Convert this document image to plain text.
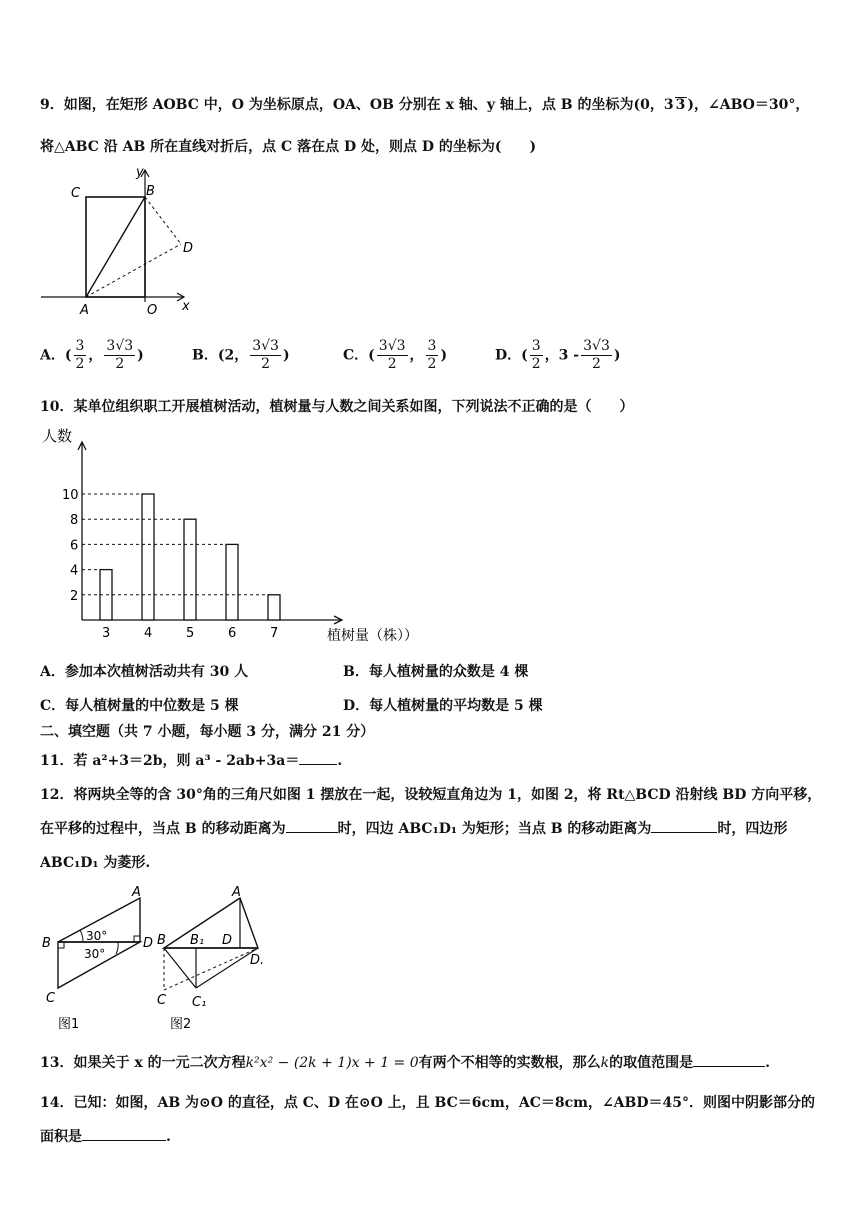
9．如图，在矩形 AOBC 中，O 为坐标原点，OA、OB 分别在 x 轴、y 轴上，点 B 的坐标为(0，3 3 )，∠ABO＝30°，
将△ABC 沿 AB 所在直线对折后，点 C 落在点 D 处，则点 D 的坐标为(　　)
y
x
C	B
D
A	O
A．( $\frac{3}{2}$ ， $\frac{3√3}{2}$ )	B．(2， $\frac{3√3}{2}$ )	C．( $\frac{3√3}{2}$ ， $\frac{3}{2}$ )	D．( $\frac{3}{2}$ ，$3 - \frac{3√3}{2}$ )
10．某单位组织职工开展植树活动，植树量与人数之间关系如图，下列说法不正确的是（　　）
2
4
6
8
10
3	4	5	6	7
人数
植树量（株））
A．参加本次植树活动共有 30 人	B．每人植树量的众数是 4 棵
C．每人植树量的中位数是 5 棵	D．每人植树量的平均数是 5 棵
二、填空题（共 7 小题，每小题 3 分，满分 21 分）
11．若 a²+3＝2b，则 a³ - 2ab+3a＝	.
12．将两块全等的含 30°角的三角尺如图 1 摆放在一起，设较短直角边为 1，如图 2，将 Rt△BCD 沿射线 BD 方向平移，
在平移的过程中，当点 B 的移动距离为	时，四边 ABC₁D₁ 为矩形；当点 B 的移动距离为	时，四边形
ABC₁D₁ 为菱形.
A
B	D
C
30°
30°
图1
A
B B₁ D
D.
C C₁
图2
13．如果关于 x 的一元二次方程k²x² − (2k + 1)x + 1 = 0有两个不相等的实数根，那么k的取值范围是	.
14．已知：如图，AB 为⊙O 的直径，点 C、D 在⊙O 上，且 BC＝6cm，AC＝8cm，∠ABD＝45°．则图中阴影部分的
面积是	.
